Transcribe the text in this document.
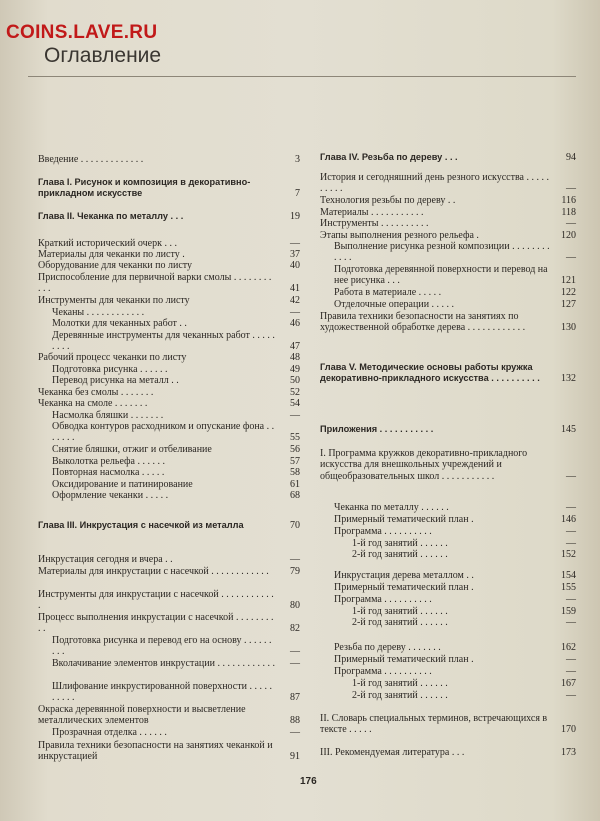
COINS.LAVE.RU
Оглавление
Введение . . . . . . . . . . . . .	3
Глава I. Рисунок и композиция в декоративно-прикладном искусстве	7
Глава II. Чеканка по металлу . . .	19
Краткий исторический очерк . . .	—
Материалы для чеканки по листу .	37
Оборудование для чеканки по листу	40
Приспособление для первичной варки смолы . . . . . . . . . . .	41
Инструменты для чеканки по листу	42
Чеканы . . . . . . . . . . . .	—
Молотки для чеканных работ . .	46
Деревянные инструменты для чеканных работ . . . . . . . . .	47
Рабочий процесс чеканки по листу	48
Подготовка рисунка . . . . . .	49
Перевод рисунка на металл . .	50
Чеканка без смолы . . . . . . .	52
Чеканка на смоле . . . . . . .	54
Насмолка бляшки . . . . . . .	—
Обводка контуров расходником и опускание фона . . . . . . .	55
Снятие бляшки, отжиг и отбеливание	56
Выколотка рельефа . . . . . .	57
Повторная насмолка . . . . .	58
Оксидирование и патинирование	61
Оформление чеканки . . . . .	68
Глава III. Инкрустация с насечкой из металла	70
Инкрустация сегодня и вчера . .	—
Материалы для инкрустации с насечкой . . . . . . . . . . . .	79
Инструменты для инкрустации с насечкой . . . . . . . . . . . .	80
Процесс выполнения инкрустации с насечкой . . . . . . . . . .	82
Подготовка рисунка и перевод его на основу . . . . . . . . .	—
Вколачивание элементов инкрустации . . . . . . . . . . . .	—
Шлифование инкрустированной поверхности . . . . . . . . . .	87
Окраска деревянной поверхности и высветление металлических элементов	88
Прозрачная отделка . . . . . .	—
Правила техники безопасности на занятиях чеканкой и инкрустацией	91
Глава IV. Резьба по дереву . . .	94
История и сегодняшний день резного искусства . . . . . . . . . .	—
Технология резьбы по дереву . .	116
Материалы . . . . . . . . . . .	118
Инструменты . . . . . . . . . .	—
Этапы выполнения резного рельефа .	120
Выполнение рисунка резной композиции . . . . . . . . . . . .	—
Подготовка деревянной поверхности и перевод на нее рисунка . . .	121
Работа в материале . . . . .	122
Отделочные операции . . . . .	127
Правила техники безопасности на занятиях по художественной обработке дерева . . . . . . . . . . . .	130
Глава V. Методические основы работы кружка декоративно-прикладного искусства . . . . . . . . . .	132
Приложения . . . . . . . . . . .	145
I. Программа кружков декоративно-прикладного искусства для внешкольных учреждений и общеобразовательных школ . . . . . . . . . . .	—
Чеканка по металлу . . . . . .	—
Примерный тематический план .	146
Программа . . . . . . . . . .	—
1-й год занятий . . . . . .	—
2-й год занятий . . . . . .	152
Инкрустация дерева металлом . .	154
Примерный тематический план .	155
Программа . . . . . . . . . .	—
1-й год занятий . . . . . .	159
2-й год занятий . . . . . .	—
Резьба по дереву . . . . . . .	162
Примерный тематический план .	—
Программа . . . . . . . . . .	—
1-й год занятий . . . . . .	167
2-й год занятий . . . . . .	—
II. Словарь специальных терминов, встречающихся в тексте . . . . .	170
III. Рекомендуемая литература . . .	173
176
